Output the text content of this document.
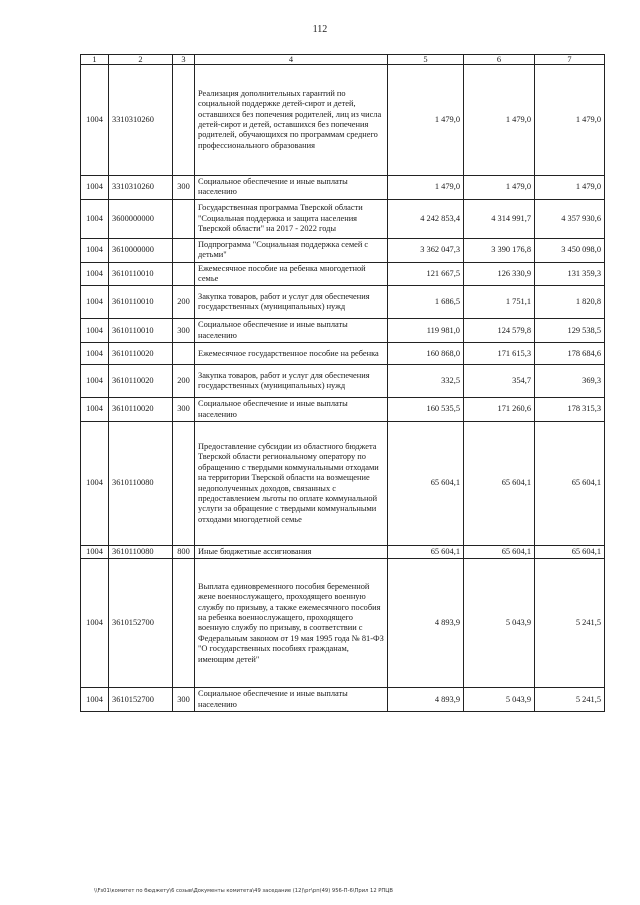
112
1	2	3	4	5	6	7
1004	3310310260		Реализация дополнительных гарантий по социальной поддержке детей-сирот и детей, оставшихся без попечения родителей, лиц из числа детей-сирот и детей, оставшихся без попечения родителей, обучающихся по программам среднего профессионального образования	1 479,0	1 479,0	1 479,0
1004	3310310260	300	Социальное обеспечение и иные выплаты населению	1 479,0	1 479,0	1 479,0
1004	3600000000		Государственная программа Тверской области "Социальная поддержка и защита населения Тверской области" на 2017 - 2022 годы	4 242 853,4	4 314 991,7	4 357 930,6
1004	3610000000		Подпрограмма "Социальная поддержка семей с детьми"	3 362 047,3	3 390 176,8	3 450 098,0
1004	3610110010		Ежемесячное пособие на ребенка многодетной семье	121 667,5	126 330,9	131 359,3
1004	3610110010	200	Закупка товаров, работ и услуг для обеспечения государственных (муниципальных) нужд	1 686,5	1 751,1	1 820,8
1004	3610110010	300	Социальное обеспечение и иные выплаты населению	119 981,0	124 579,8	129 538,5
1004	3610110020		Ежемесячное государственное пособие на ребенка	160 868,0	171 615,3	178 684,6
1004	3610110020	200	Закупка товаров, работ и услуг для обеспечения государственных (муниципальных) нужд	332,5	354,7	369,3
1004	3610110020	300	Социальное обеспечение и иные выплаты населению	160 535,5	171 260,6	178 315,3
1004	3610110080		Предоставление субсидии из областного бюджета Тверской области региональному оператору по обращению с твердыми коммунальными отходами на территории Тверской области на возмещение недополученных доходов, связанных с предоставлением льготы по оплате коммунальной услуги за обращение с твердыми коммунальными отходами многодетной семье	65 604,1	65 604,1	65 604,1
1004	3610110080	800	Иные бюджетные ассигнования	65 604,1	65 604,1	65 604,1
1004	3610152700		Выплата единовременного пособия беременной жене военнослужащего, проходящего военную службу по призыву, а также ежемесячного пособия на ребенка военнослужащего, проходящего военную службу по призыву, в соответствии с Федеральным законом от 19 мая 1995 года № 81-ФЗ "О государственных пособиях гражданам, имеющим детей"	4 893,9	5 043,9	5 241,5
1004	3610152700	300	Социальное обеспечение и иные выплаты населению	4 893,9	5 043,9	5 241,5
\\Fs01\комитет по бюджету\6 созыв\Документы комитета\49 заседание (12)\рг\рп(49) 956-П-6\Прил 12 РПЦВ
